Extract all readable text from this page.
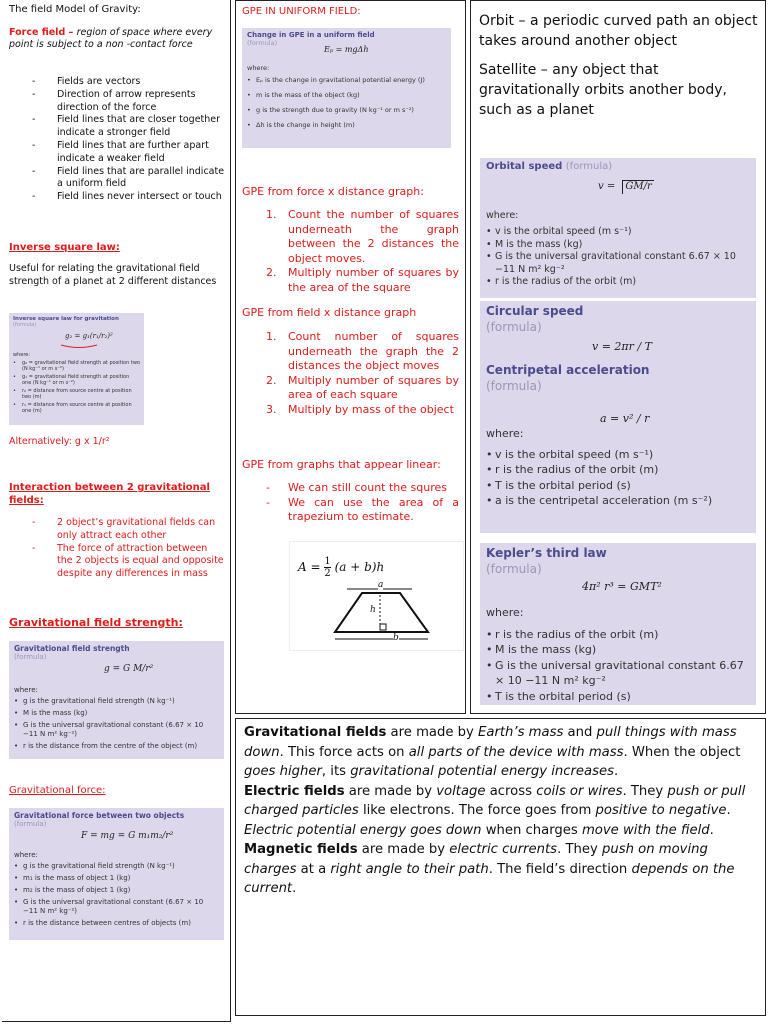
The field Model of Gravity:
Force field – region of space where every point is subject to a non -contact force
- Fields are vectors
- Direction of arrow represents direction of the force
- Field lines that are closer together indicate a stronger field
- Field lines that are further apart indicate a weaker field
- Field lines that are parallel indicate a uniform field
- Field lines never intersect or touch
Inverse square law:
Useful for relating the gravitational field strength of a planet at 2 different distances
Inverse square law for gravitation
(formula)
g₂ = g₁(r₁/r₂)²
where:
• g₂ = gravitational field strength at position two (N kg⁻¹ or m s⁻²)
• g₁ = gravitational field strength at position one (N kg⁻¹ or m s⁻²)
• r₂ = distance from source centre at position two (m)
• r₁ = distance from source centre at position one (m)
Alternatively: g x 1/r²
Interaction between 2 gravitational fields:
- 2 object’s gravitational fields can only attract each other
- The force of attraction between the 2 objects is equal and opposite despite any differences in mass
Gravitational field strength:
Gravitational field strength
(formula)
g = G M/r²
where:
• g is the gravitational field strength (N kg⁻¹)
• M is the mass (kg)
• G is the universal gravitational constant (6.67 × 10 −11 N m² kg⁻²)
• r is the distance from the centre of the object (m)
Gravitational force:
Gravitational force between two objects
(formula)
F = mg = G m₁m₂/r²
where:
• g is the gravitational field strength (N kg⁻¹)
• m₁ is the mass of object 1 (kg)
• m₂ is the mass of object 1 (kg)
• G is the universal gravitational constant (6.67 × 10 −11 N m² kg⁻²)
• r is the distance between centres of objects (m)
GPE IN UNIFORM FIELD:
Change in GPE in a uniform field
(formula)
Eₚ = mgΔh
where:
• Eₚ is the change in gravitational potential energy (J)
• m is the mass of the object (kg)
• g is the strength due to gravity (N kg⁻¹ or m s⁻²)
• Δh is the change in height (m)
GPE from force x distance graph:
1. Count the number of squares underneath the graph between the 2 distances the object moves.
2. Multiply number of squares by the area of the square
GPE from field x distance graph
1. Count number of squares underneath the graph the 2 distances the object moves
2. Multiply number of squares by area of each square
3. Multiply by mass of the object
GPE from graphs that appear linear:
- We can still count the squres
- We can use the area of a trapezium to estimate.
$A = \frac{1}{2} (a + b)h$
a
h
b
Orbit – a periodic curved path an object takes around another object
Satellite – any object that gravitationally orbits another body, such as a planet
Orbital speed (formula)
v = GM/r
where:
• v is the orbital speed (m s⁻¹)
• M is the mass (kg)
• G is the universal gravitational constant 6.67 × 10 −11 N m² kg⁻²
• r is the radius of the orbit (m)
Circular speed
(formula)
v = 2πr / T
Centripetal acceleration
(formula)
a = v² / r
where:
• v is the orbital speed (m s⁻¹)
• r is the radius of the orbit (m)
• T is the orbital period (s)
• a is the centripetal acceleration (m s⁻²)
Kepler’s third law
(formula)
4π² r³ = GMT²
where:
• r is the radius of the orbit (m)
• M is the mass (kg)
• G is the universal gravitational constant 6.67 × 10 −11 N m² kg⁻²
• T is the orbital period (s)

Gravitational fields are made by Earth’s mass and pull things with mass down. This force acts on all parts of the device with mass. When the object goes higher, its gravitational potential energy increases.

Electric fields are made by voltage across coils or wires. They push or pull charged particles like electrons. The force goes from positive to negative. Electric potential energy goes down when charges move with the field.

Magnetic fields are made by electric currents. They push on moving charges at a right angle to their path. The field’s direction depends on the current.
